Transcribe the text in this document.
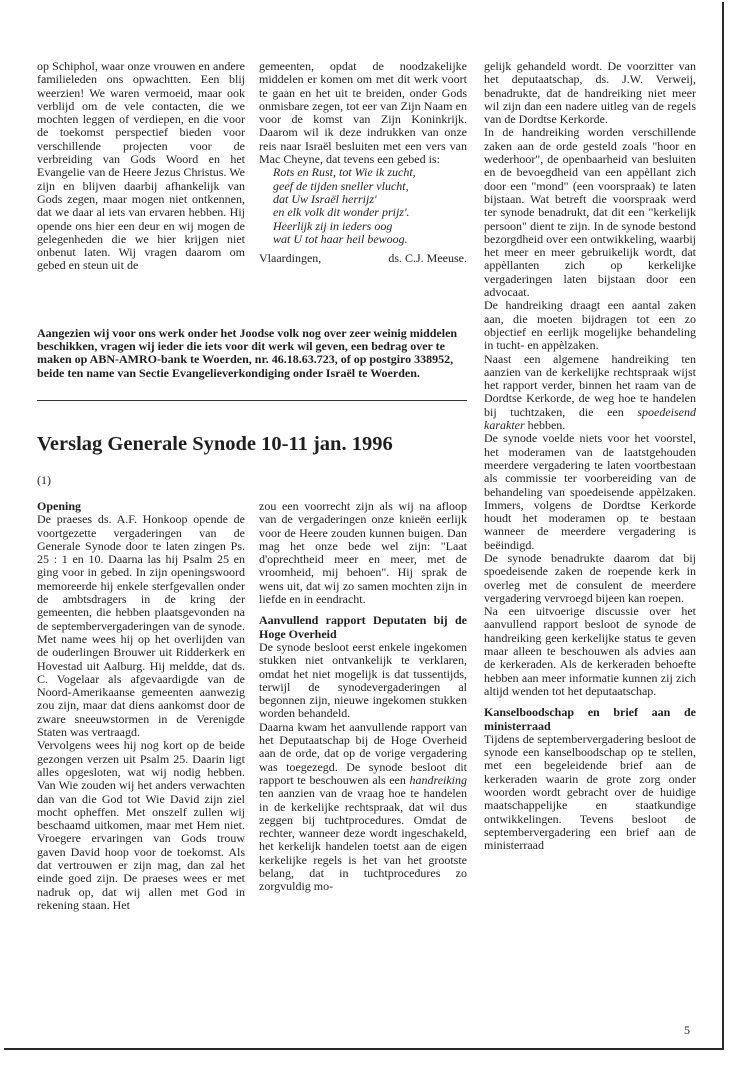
op Schiphol, waar onze vrouwen en andere familieleden ons opwachtten. Een blij weerzien! We waren vermoeid, maar ook verblijd om de vele contacten, die we mochten leggen of verdiepen, en die voor de toekomst perspectief bieden voor verschillende projecten voor de verbreiding van Gods Woord en het Evangelie van de Heere Jezus Christus. We zijn en blijven daarbij afhankelijk van Gods zegen, maar mogen niet ontkennen, dat we daar al iets van ervaren hebben. Hij opende ons hier een deur en wij mogen de gelegenheden die we hier krijgen niet onbenut laten. Wij vragen daarom om gebed en steun uit de

gemeenten, opdat de noodzakelijke middelen er komen om met dit werk voort te gaan en het uit te breiden, onder Gods onmisbare zegen, tot eer van Zijn Naam en voor de komst van Zijn Koninkrijk. Daarom wil ik deze indrukken van onze reis naar Israël besluiten met een vers van Mac Cheyne, dat tevens een gebed is:

Rots en Rust, tot Wie ik zucht,
geef de tijden sneller vlucht,
dat Uw Israël herrijz'
en elk volk dit wonder prijz'.
Heerlijk zij in ieders oog
wat U tot haar heil bewoog.
Vlaardingen,	ds. C.J. Meeuse.
Aangezien wij voor ons werk onder het Joodse volk nog over zeer weinig middelen beschikken, vragen wij ieder die iets voor dit werk wil geven, een bedrag over te maken op ABN-AMRO-bank te Woerden, nr. 46.18.63.723, of op postgiro 338952, beide ten name van Sectie Evangelieverkondiging onder Israël te Woerden.

gelijk gehandeld wordt. De voorzitter van het deputaatschap, ds. J.W. Verweij, benadrukte, dat de handreiking niet meer wil zijn dan een nadere uitleg van de regels van de Dordtse Kerkorde.

In de handreiking worden verschillende zaken aan de orde gesteld zoals "hoor en wederhoor", de openbaarheid van besluiten en de bevoegdheid van een appèllant zich door een "mond" (een voorspraak) te laten bijstaan. Wat betreft die voorspraak werd ter synode benadrukt, dat dit een "kerkelijk persoon" dient te zijn. In de synode bestond bezorgdheid over een ontwikkeling, waarbij het meer en meer gebruikelijk wordt, dat appèllanten zich op kerkelijke vergaderingen laten bijstaan door een advocaat.

De handreiking draagt een aantal zaken aan, die moeten bijdragen tot een zo objectief en eerlijk mogelijke behandeling in tucht- en appèlzaken.

Naast een algemene handreiking ten aanzien van de kerkelijke rechtspraak wijst het rapport verder, binnen het raam van de Dordtse Kerkorde, de weg hoe te handelen bij tuchtzaken, die een spoedeisend karakter hebben.

De synode voelde niets voor het voorstel, het moderamen van de laatstgehouden meerdere vergadering te laten voortbestaan als commissie ter voorbereiding van de behandeling van spoedeisende appèlzaken. Immers, volgens de Dordtse Kerkorde houdt het moderamen op te bestaan wanneer de meerdere vergadering is beëindigd.

De synode benadrukte daarom dat bij spoedeisende zaken de roepende kerk in overleg met de consulent de meerdere vergadering vervroegd bijeen kan roepen.

Na een uitvoerige discussie over het aanvullend rapport besloot de synode de handreiking geen kerkelijke status te geven maar alleen te beschouwen als advies aan de kerkeraden. Als de kerkeraden behoefte hebben aan meer informatie kunnen zij zich altijd wenden tot het deputaatschap.

Kanselboodschap en brief aan de ministerraad

Tijdens de septembervergadering besloot de synode een kanselboodschap op te stellen, met een begeleidende brief aan de kerkeraden waarin de grote zorg onder woorden wordt gebracht over de huidige maatschappelijke en staatkundige ontwikkelingen. Tevens besloot de septembervergadering een brief aan de ministerraad

Verslag Generale Synode 10-11 jan. 1996
(1)
Opening

De praeses ds. A.F. Honkoop opende de voortgezette vergaderingen van de Generale Synode door te laten zingen Ps. 25 : 1 en 10. Daarna las hij Psalm 25 en ging voor in gebed. In zijn openingswoord memoreerde hij enkele sterfgevallen onder de ambtsdragers in de kring der gemeenten, die hebben plaatsgevonden na de septembervergaderingen van de synode. Met name wees hij op het overlijden van de ouderlingen Brouwer uit Ridderkerk en Hovestad uit Aalburg. Hij meldde, dat ds. C. Vogelaar als afgevaardigde van de Noord-Amerikaanse gemeenten aanwezig zou zijn, maar dat diens aankomst door de zware sneeuwstormen in de Verenigde Staten was vertraagd.

Vervolgens wees hij nog kort op de beide gezongen verzen uit Psalm 25. Daarin ligt alles opgesloten, wat wij nodig hebben. Van Wie zouden wij het anders verwachten dan van die God tot Wie David zijn ziel mocht opheffen. Met onszelf zullen wij beschaamd uitkomen, maar met Hem niet. Vroegere ervaringen van Gods trouw gaven David hoop voor de toekomst. Als dat vertrouwen er zijn mag, dan zal het einde goed zijn. De praeses wees er met nadruk op, dat wij allen met God in rekening staan. Het

zou een voorrecht zijn als wij na afloop van de vergaderingen onze knieën eerlijk voor de Heere zouden kunnen buigen. Dan mag het onze bede wel zijn: "Laat d'oprechtheid meer en meer, met de vroomheid, mij behoen". Hij sprak de wens uit, dat wij zo samen mochten zijn in liefde en in eendracht.

Aanvullend rapport Deputaten bij de Hoge Overheid

De synode besloot eerst enkele ingekomen stukken niet ontvankelijk te verklaren, omdat het niet mogelijk is dat tussentijds, terwijl de synodevergaderingen al begonnen zijn, nieuwe ingekomen stukken worden behandeld.

Daarna kwam het aanvullende rapport van het Deputaatschap bij de Hoge Overheid aan de orde, dat op de vorige vergadering was toegezegd. De synode besloot dit rapport te beschouwen als een handreiking ten aanzien van de vraag hoe te handelen in de kerkelijke rechtspraak, dat wil dus zeggen bij tuchtprocedures. Omdat de rechter, wanneer deze wordt ingeschakeld, het kerkelijk handelen toetst aan de eigen kerkelijke regels is het van het grootste belang, dat in tuchtprocedures zo zorgvuldig mo-

5
